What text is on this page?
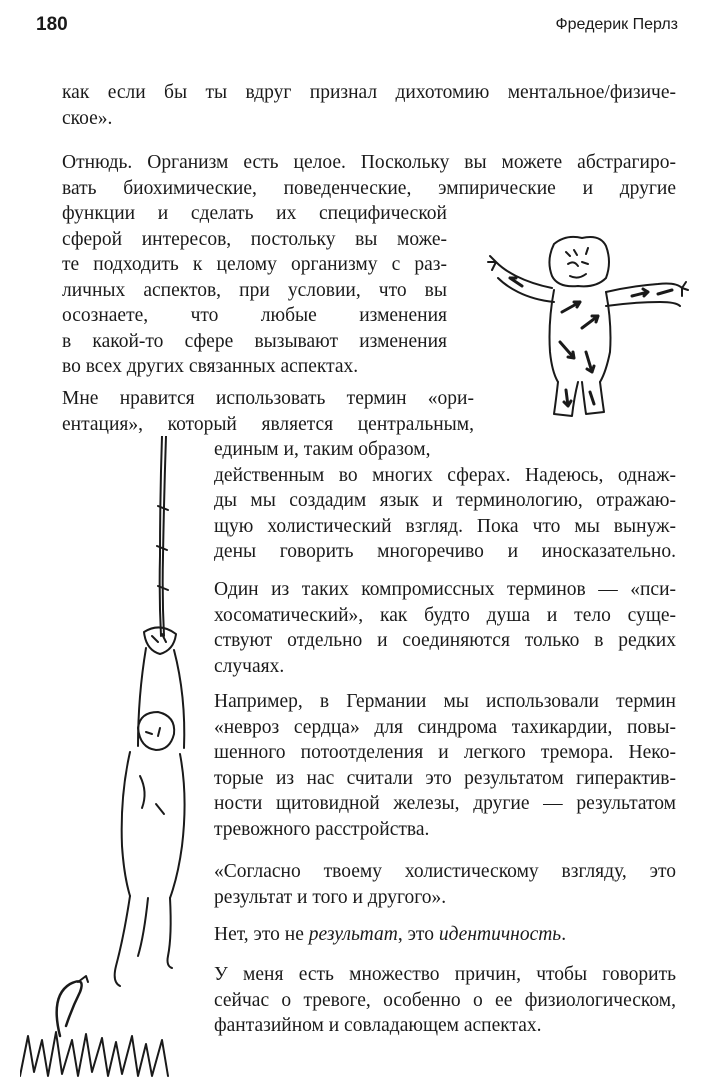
180	Фредерик Перлз
как если бы ты вдруг признал дихотомию ментальное/физиче-
ское».
Отнюдь. Организм есть целое. Поскольку вы можете абстрагиро-
вать биохимические, поведенческие, эмпирические и другие
функции и сделать их специфической
сферой интересов, постольку вы може-
те подходить к целому организму с раз-
личных аспектов, при условии, что вы
осознаете, что любые изменения
в какой-то сфере вызывают изменения
во всех других связанных аспектах.
Мне нравится использовать термин «ори-
ентация», который является центральным,
единым и, таким образом,
действенным во многих сферах. Надеюсь, однаж-
ды мы создадим язык и терминологию, отражаю-
щую холистический взгляд. Пока что мы вынуж-
дены говорить многоречиво и иносказательно.
Один из таких компромиссных терминов — «пси-
хосоматический», как будто душа и тело суще-
ствуют отдельно и соединяются только в редких
случаях.
Например, в Германии мы использовали термин
«невроз сердца» для синдрома тахикардии, повы-
шенного потоотделения и легкого тремора. Неко-
торые из нас считали это результатом гиперактив-
ности щитовидной железы, другие — результатом
тревожного расстройства.
«Согласно твоему холистическому взгляду, это
результат и того и другого».
Нет, это не результат, это идентичность.
У меня есть множество причин, чтобы говорить
сейчас о тревоге, особенно о ее физиологическом,
фантазийном и совладающем аспектах.
